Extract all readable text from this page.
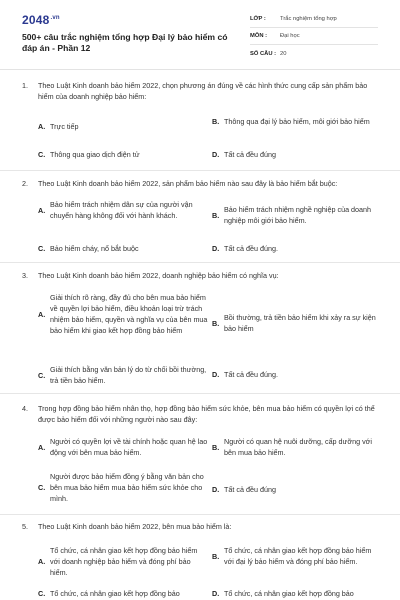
$2048^{.vn}$
500+ câu trắc nghiệm tổng hợp Đại lý bảo hiểm có đáp án - Phần 12
LỚP :	Trắc nghiệm tổng hợp
MÔN :	Đại học
SỐ CÂU : 20
1.	Theo Luật Kinh doanh bảo hiểm 2022, chọn phương án đúng về các hình thức cung cấp sản phẩm bảo hiểm của doanh nghiệp bảo hiểm:
A. Trực tiếp
B. Thông qua đại lý bảo hiểm, môi giới bảo hiểm
C. Thông qua giao dịch điện tử	D. Tất cả đều đúng
2.	Theo Luật Kinh doanh bảo hiểm 2022, sản phẩm bảo hiểm nào sau đây là bảo hiểm bắt buộc:
A.
Bảo hiểm trách nhiệm dân sự của người vận chuyển hàng không đối với hành khách.	B.
Bảo hiểm trách nhiệm nghề nghiệp của doanh nghiệp môi giới bảo hiểm.
C. Bảo hiểm cháy, nổ bắt buộc	D. Tất cả đều đúng.
3.	Theo Luật Kinh doanh bảo hiểm 2022, doanh nghiệp bảo hiểm có nghĩa vụ:
A.
Giải thích rõ ràng, đầy đủ cho bên mua bảo hiểm về quyền lợi bảo hiểm, điều khoản loại trừ trách nhiệm bảo hiểm, quyền và nghĩa vụ của bên mua bảo hiểm khi giao kết hợp đồng bảo hiểm
B.
Bồi thường, trả tiền bảo hiểm khi xảy ra sự kiện bảo hiểm
C.
Giải thích bằng văn bản lý do từ chối bồi thường, trả tiền bảo hiểm.
D. Tất cả đều đúng.
4.	Trong hợp đồng bảo hiểm nhân thọ, hợp đồng bảo hiểm sức khỏe, bên mua bảo hiểm có quyền lợi có thể được bảo hiểm đối với những người nào sau đây:
A.
Người có quyền lợi về tài chính hoặc quan hệ lao động với bên mua bảo hiểm.
B.
Người có quan hệ nuôi dưỡng, cấp dưỡng với bên mua bảo hiểm.
C.
Người được bảo hiểm đồng ý bằng văn bản cho bên mua bảo hiểm mua bảo hiểm sức khỏe cho mình.
D. Tất cả đều đúng
5.	Theo Luật Kinh doanh bảo hiểm 2022, bên mua bảo hiểm là:
A.
Tổ chức, cá nhân giao kết hợp đồng bảo hiểm với doanh nghiệp bảo hiểm và đóng phí bảo hiểm.
B.
Tổ chức, cá nhân giao kết hợp đồng bảo hiểm với đại lý bảo hiểm và đóng phí bảo hiểm.
C. Tổ chức, cá nhân giao kết hợp đồng bảo	D. Tổ chức, cá nhân giao kết hợp đồng bảo
